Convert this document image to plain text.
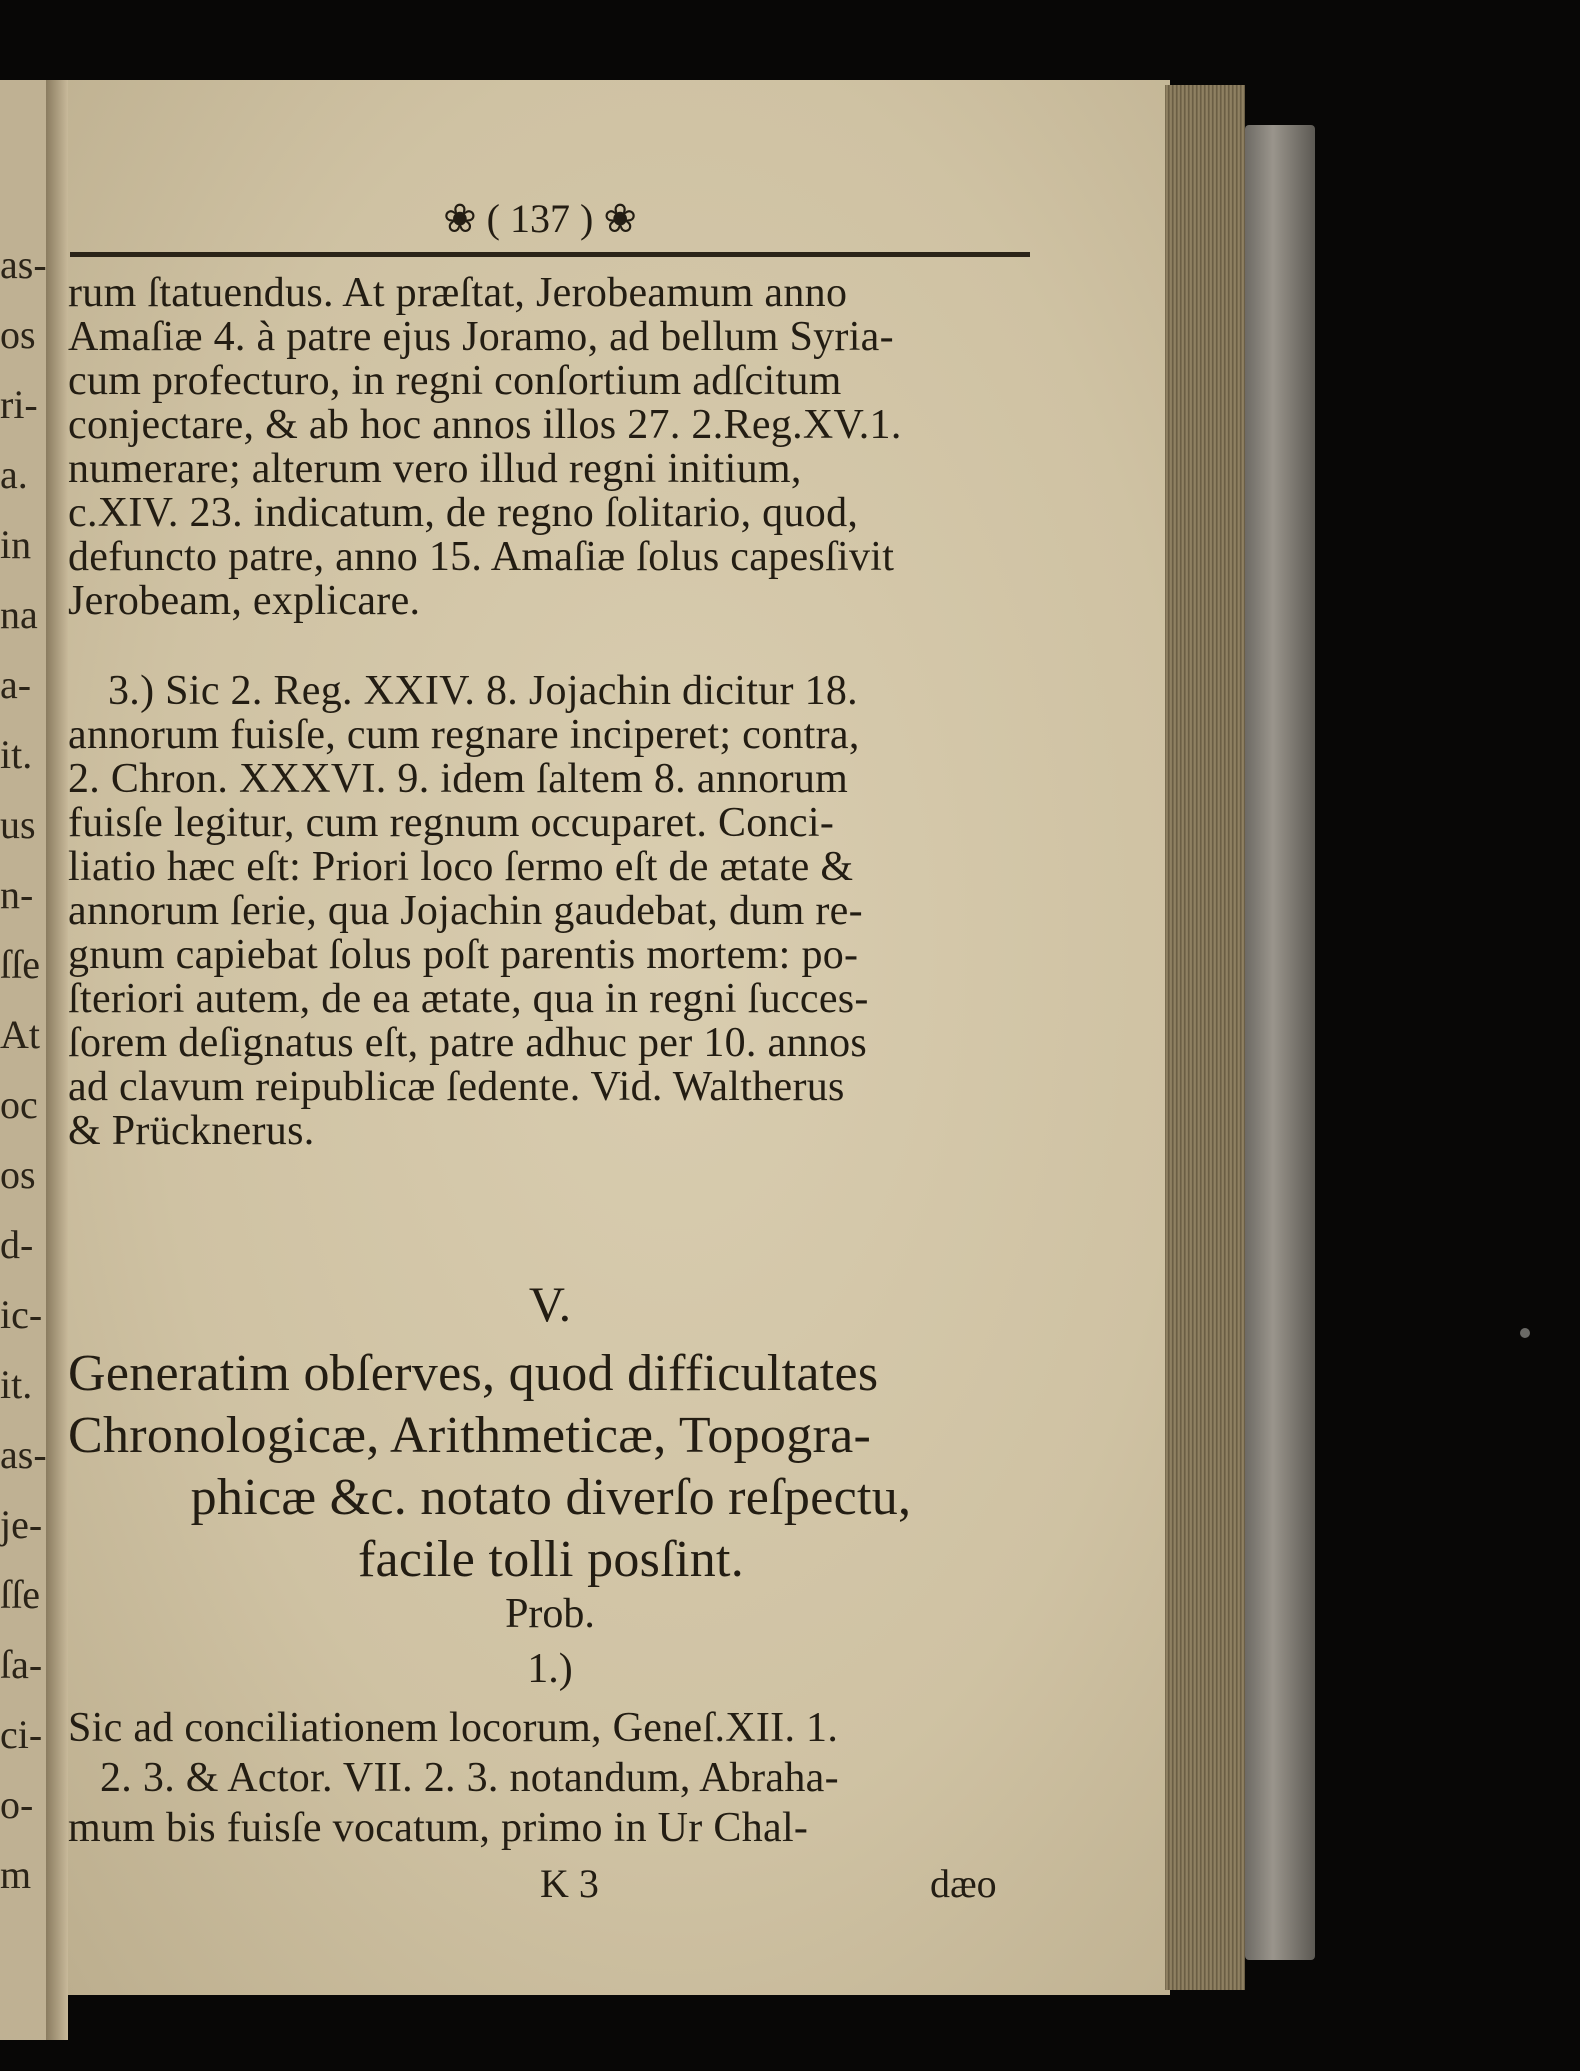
as-
os
ri-
a.
in
na
a-
it.
us
n-
ſſe
At
oc
os
d-
ic-
it.
as-
je-
ſſe
ſa-
ci-
o-
m
❀ ( 137 ) ❀
rum ſtatuendus. At præſtat, Jerobeamum anno
Amaſiæ 4. à patre ejus Joramo, ad bellum Syria-
cum profecturo, in regni conſortium adſcitum
conjectare, & ab hoc annos illos 27. 2.Reg.XV.1.
numerare; alterum vero illud regni initium,
c.XIV. 23. indicatum, de regno ſolitario, quod,
defuncto patre, anno 15. Amaſiæ ſolus capesſivit
Jerobeam, explicare.
3.) Sic 2. Reg. XXIV. 8. Jojachin dicitur 18.
annorum fuisſe, cum regnare inciperet; contra,
2. Chron. XXXVI. 9. idem ſaltem 8. annorum
fuisſe legitur, cum regnum occuparet. Conci-
liatio hæc eſt: Priori loco ſermo eſt de ætate &
annorum ſerie, qua Jojachin gaudebat, dum re-
gnum capiebat ſolus poſt parentis mortem: po-
ſteriori autem, de ea ætate, qua in regni ſucces-
ſorem deſignatus eſt, patre adhuc per 10. annos
ad clavum reipublicæ ſedente. Vid. Waltherus
& Prücknerus.
V.
Generatim obſerves, quod difficultates
Chronologicæ, Arithmeticæ, Topogra-
phicæ &c. notato diverſo reſpectu,
facile tolli posſint.
Prob.
1.)
Sic ad conciliationem locorum, Geneſ.XII. 1.
2. 3. & Actor. VII. 2. 3. notandum, Abraha-
mum bis fuisſe vocatum, primo in Ur Chal-
K 3	dæo
